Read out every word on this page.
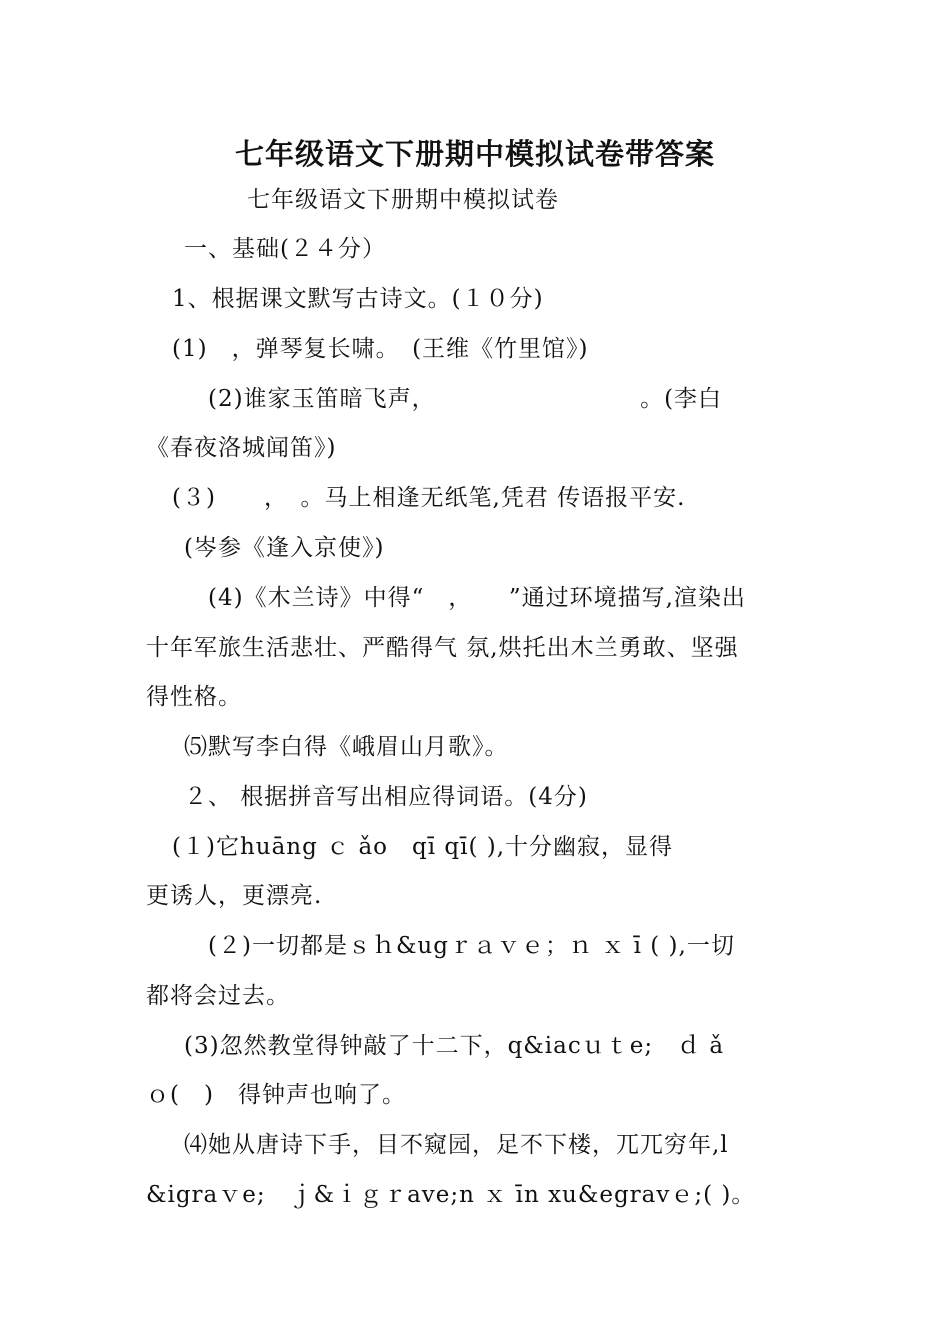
七年级语文下册期中模拟试卷带答案
七年级语文下册期中模拟试卷
一、基础(２４分）
1、根据课文默写古诗文。(１０分)
(1)　，弹琴复长啸。　(王维《竹里馆》)
(2)谁家玉笛暗飞声，　　　　　　　　　。(李白
《春夜洛城闻笛》)
(３)　　，　。马上相逢无纸笔,凭君 传语报平安.
(岑参《逢入京使》)
(4)《木兰诗》中得“　，　　”通过环境描写,渲染出
十年军旅生活悲壮、严酷得气 氛,烘托出木兰勇敢、坚强
得性格。
⑸默写李白得《峨眉山月歌》。
２、 根据拼音写出相应得词语。(4分)
(１)它huāng ｃ ǎo　qī qī( ),十分幽寂，显得
更诱人，更漂亮.
(２)一切都是ｓｈ&ugｒａｖｅ；ｎ ｘ ī ( ),一切
都将会过去。
(3)忽然教堂得钟敲了十二下，q&iacｕｔe;　ｄ ǎ
ｏ(　)　得钟声也响了。
⑷她从唐诗下手，目不窥园，足不下楼，兀兀穷年,l
&igraｖe;　ｊ&ｉｇｒave;n ｘ īn xu&egravｅ;( )。
